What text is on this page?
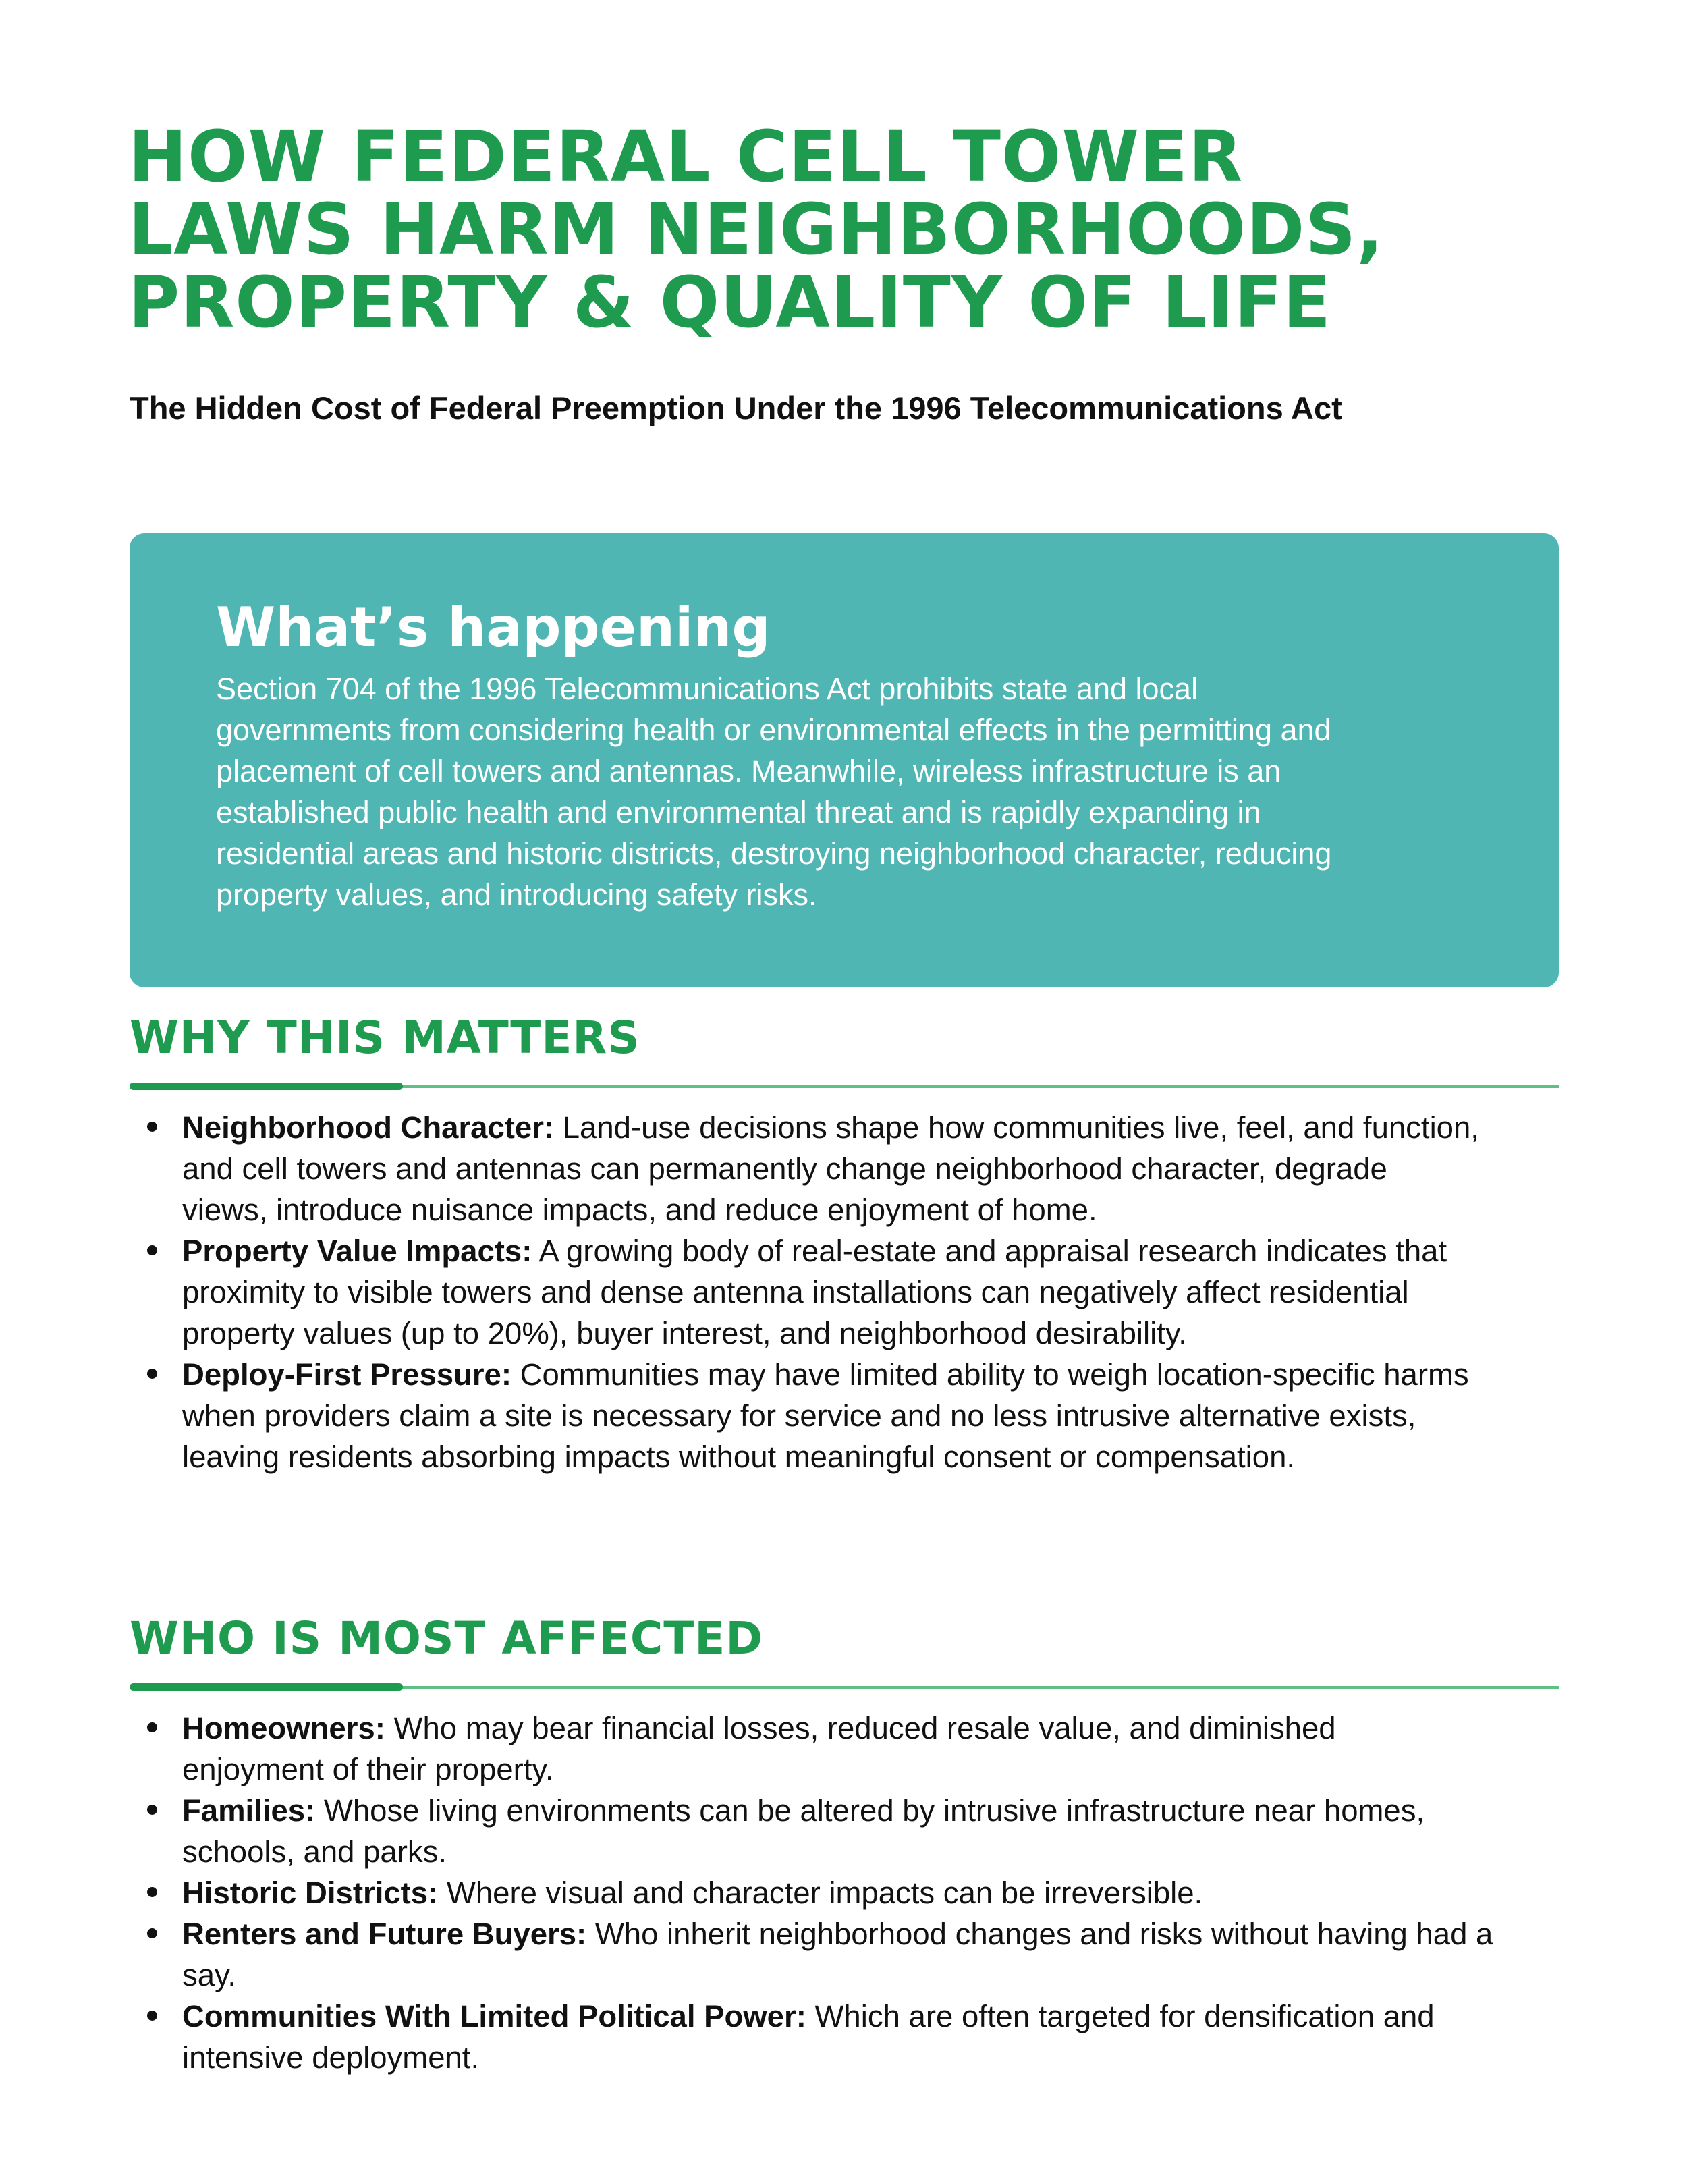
HOW FEDERAL CELL TOWER
LAWS HARM NEIGHBORHOODS,
PROPERTY & QUALITY OF LIFE

The Hidden Cost of Federal Preemption Under the 1996 Telecommunications Act

What’s happening

Section 704 of the 1996 Telecommunications Act prohibits state and local
governments from considering health or environmental effects in the permitting and
placement of cell towers and antennas. Meanwhile, wireless infrastructure is an
established public health and environmental threat and is rapidly expanding in
residential areas and historic districts, destroying neighborhood character, reducing
property values, and introducing safety risks.

WHY THIS MATTERS
Neighborhood Character: Land-use decisions shape how communities live, feel, and function,
and cell towers and antennas can permanently change neighborhood character, degrade
views, introduce nuisance impacts, and reduce enjoyment of home.
Property Value Impacts: A growing body of real-estate and appraisal research indicates that
proximity to visible towers and dense antenna installations can negatively affect residential
property values (up to 20%), buyer interest, and neighborhood desirability.
Deploy-First Pressure: Communities may have limited ability to weigh location-specific harms
when providers claim a site is necessary for service and no less intrusive alternative exists,
leaving residents absorbing impacts without meaningful consent or compensation.
WHO IS MOST AFFECTED
Homeowners: Who may bear financial losses, reduced resale value, and diminished
enjoyment of their property.
Families: Whose living environments can be altered by intrusive infrastructure near homes,
schools, and parks.
Historic Districts: Where visual and character impacts can be irreversible.
Renters and Future Buyers: Who inherit neighborhood changes and risks without having had a
say.
Communities With Limited Political Power: Which are often targeted for densification and
intensive deployment.
